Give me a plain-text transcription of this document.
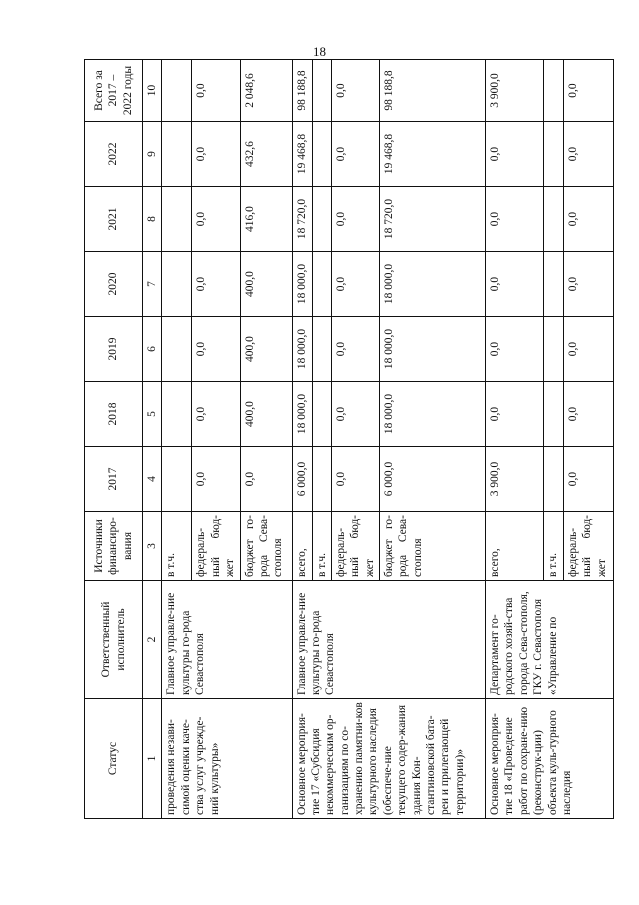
18
Статус	Ответственный исполнитель	Источники финансиро-вания	2017	2018	2019	2020	2021	2022	Всего за 2017 – 2022 годы
1	2	3	4	5	6	7	8	9	10
проведения незави-симой оценки каче-ства услуг учрежде-ний культуры»	Главное управле-ние культуры го-рода Севастополя	в т.ч.							
		федераль-ный бюд-жет	0,0	0,0	0,0	0,0	0,0	0,0	0,0
		бюджет го-рода Сева-стополя	0,0	400,0	400,0	400,0	416,0	432,6	2 048,6
Основное мероприя-тие 17 «Субсидия некоммерческим ор-ганизациям по со-хранению памятни-ков культурного наследия (обеспече-ние текущего содер-жания здания Кон-стантиновской бата-реи и прилегающей территории)»	Главное управле-ние культуры го-рода Севастополя	всего,	6 000,0	18 000,0	18 000,0	18 000,0	18 720,0	19 468,8	98 188,8
		в т.ч.							
		федераль-ный бюд-жет	0,0	0,0	0,0	0,0	0,0	0,0	0,0
		бюджет го-рода Сева-стополя	6 000,0	18 000,0	18 000,0	18 000,0	18 720,0	19 468,8	98 188,8
Основное мероприя-тие 18 «Проведение работ по сохране-нию (реконструк-ции) объекта куль-турного наследия	Департамент го-родского хозяй-ства города Сева-стополя, ГКУ г. Севастополя «Управление по	всего,	3 900,0	0,0	0,0	0,0	0,0	0,0	3 900,0
		в т.ч.							
		федераль-ный бюд-жет	0,0	0,0	0,0	0,0	0,0	0,0	0,0
